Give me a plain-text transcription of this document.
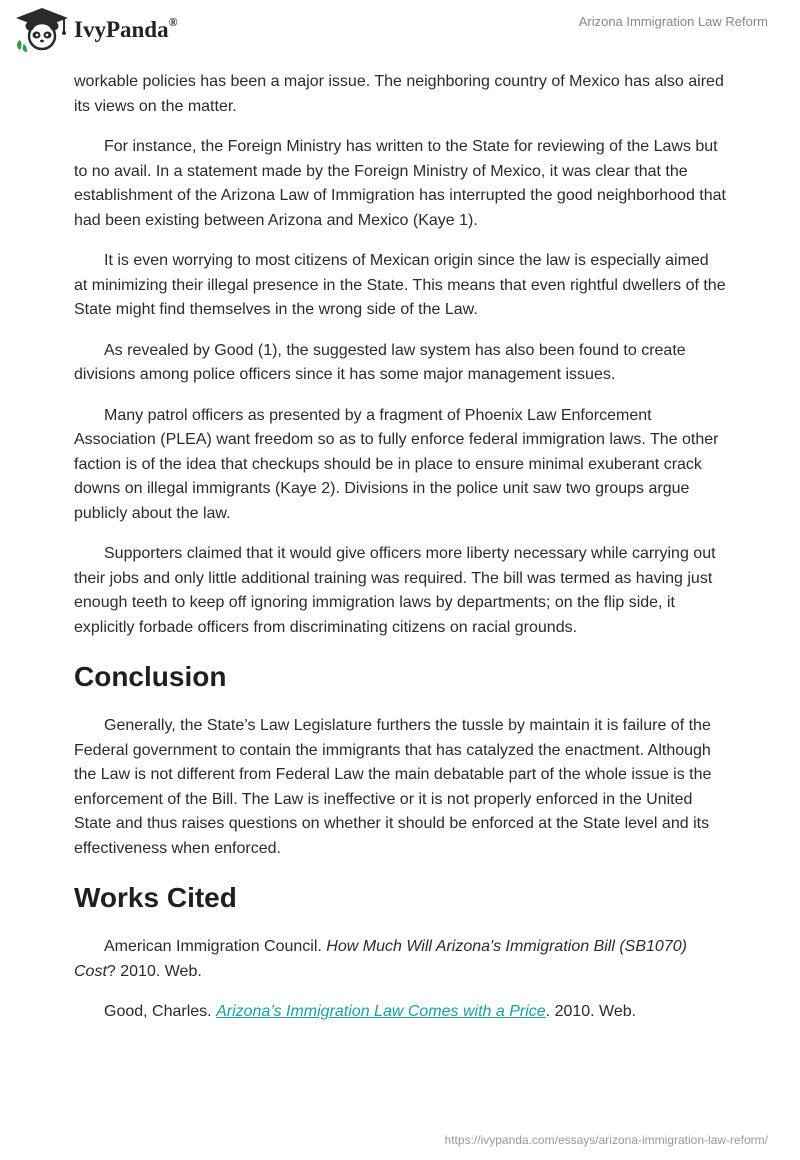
IvyPanda®	Arizona Immigration Law Reform

workable policies has been a major issue. The neighboring country of Mexico has also aired its views on the matter.

For instance, the Foreign Ministry has written to the State for reviewing of the Laws but to no avail. In a statement made by the Foreign Ministry of Mexico, it was clear that the establishment of the Arizona Law of Immigration has interrupted the good neighborhood that had been existing between Arizona and Mexico (Kaye 1).

It is even worrying to most citizens of Mexican origin since the law is especially aimed at minimizing their illegal presence in the State. This means that even rightful dwellers of the State might find themselves in the wrong side of the Law.

As revealed by Good (1), the suggested law system has also been found to create divisions among police officers since it has some major management issues.

Many patrol officers as presented by a fragment of Phoenix Law Enforcement Association (PLEA) want freedom so as to fully enforce federal immigration laws. The other faction is of the idea that checkups should be in place to ensure minimal exuberant crack downs on illegal immigrants (Kaye 2). Divisions in the police unit saw two groups argue publicly about the law.

Supporters claimed that it would give officers more liberty necessary while carrying out their jobs and only little additional training was required. The bill was termed as having just enough teeth to keep off ignoring immigration laws by departments; on the flip side, it explicitly forbade officers from discriminating citizens on racial grounds.

Conclusion

Generally, the State’s Law Legislature furthers the tussle by maintain it is failure of the Federal government to contain the immigrants that has catalyzed the enactment. Although the Law is not different from Federal Law the main debatable part of the whole issue is the enforcement of the Bill. The Law is ineffective or it is not properly enforced in the United State and thus raises questions on whether it should be enforced at the State level and its effectiveness when enforced.

Works Cited

American Immigration Council. How Much Will Arizona's Immigration Bill (SB1070) Cost? 2010. Web.

Good, Charles. Arizona’s Immigration Law Comes with a Price. 2010. Web.

https://ivypanda.com/essays/arizona-immigration-law-reform/
